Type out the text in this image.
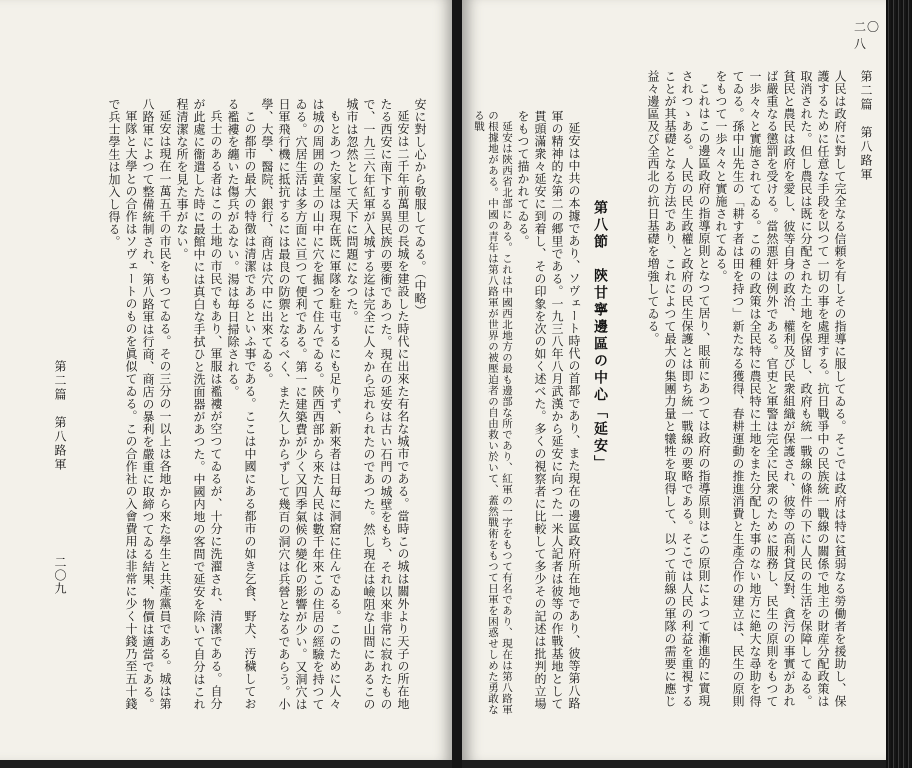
二〇九
第二篇　第八路軍
安に對し心から敬服してゐる。（中略）
延安は二千年前萬里の長城を建設した時代に出來た有名な城市である。當時この城は關外より天子の所在地たる西安に南下する異民族の要衝であつた。現在の延安は古い石門の城壁をもち、それ以來非常に寂れたもので、一九三六年紅軍が入城する迄は完全に人々から忘れられたのであつた。然し現在は嶮阻な山間にあるこの城市は忽然として天下に問題になつた。
もとあつた家屋は現在既に軍隊を駐屯するにも足りず、新來者は日毎に洞窟に住んでゐる。このために人々は城の周囲の黄土の山中に穴を掘つて住んでゐる。陝西西部から來た人民は數千年來この住居の經驗を持つてゐる。穴居生活は多方面に亘つて便利である。第一に建築費が少く又四季氣候の變化の影響が少い。又洞穴は日軍飛行機に抵抗するには最良の防禦となるべく、また久しからずして幾百の洞穴は兵營となるであらう。小學、大學、醫院、銀行、商店は穴中に出來てゐる。
この都市の最大の特徴は清潔であるといふ事である。ここは中國にある都市の如き乞食、野犬、汚穢しておる襤褸を纏いた傷兵がゐない。湯は毎日掃除される。
兵士のある者はこの土地の市民でもあり、軍服は襤褸が空つてゐるが、十分に洗濯され、清潔である。自分が此處に衞遣した時に最館中には真白な手拭ひと洗面器があつた。中國内地の客間で延安を除いて自分はこれ程清潔な所を見た事がない。
延安は現在一萬五千の市民をもつてゐる。その三分の一以上は各地から來た學生と共產黨員である。城は第八路軍によつて整備統制され、第八路軍は行商、商店の暴利を嚴重に取締つてゐる結果、物價は適當である。
軍隊と大學との合作はソヴェートのものを眞似てゐる。この合作社の入會費用は非常に少く十錢乃至五十錢で兵士學生は加入し得る。
二〇八
第二篇　第八路軍
人民は政府に對して完全なる信頼を有しその指導に服してゐる。そこでは政府は特に貧弱なる勞働者を援助し、保護するために任意な手段を以つて一切の事を處理する。抗日戰爭中の民族統一戰線の關係で地主の財産分配政策は取消された。但し農民は既に分配された土地を保留し、政府も統一戰線の條件の下に人民の生活を保障してゐる。貧民と農民は政府を愛し、彼等自身の政治、權利及び民衆組織が保護され、彼等の高利貸反對、貪污の事實があれば嚴重なる懲罰を受ける。當然悪奸は例外である。官吏と軍警は完全に民衆のために服務し、民生の原則をもつて一歩々々と實施されてゐる。この種の政策は全民特に農民特に土地をまた分配した事のない地方に絶大な尋助を得てゐる。孫中山先生の「耕す者は田を持つ」新たなる獲得、春耕運動の推進消費と生產合作の建立は、民生の原則をもつて一歩々々と實施されてゐる。
これはこの邊區政府の指導原則となつて居り、眼前にあつては政府の指導原則はこの原則によつて漸進的に實現されつゝある。人民の民生政權と政府の民生保護とは即ち統一戰線の要略である。そこでは人民の利益を重視することが其基礎となる方法であり、これによつて最大の集團力量と犧牲を取得して、以つて前線の軍隊の需要に應じ益々邊區及び全西北の抗日基礎を増強してゐる。
第八節　陝甘寧邊區の中心「延安」
延安は中共の本據であり、ソヴェート時代の首都であり、また現在の邊區政府所在地であり、彼等第八路軍の精神的な第二の郷里である。一九三八年八月武漢から延安に向つた一米人記者は彼等の作戰基地として貫頭滿衆々延安に到着し、その印象を次の如く述べた。多くの視察者に比較して多少その記述は批判的立場をもつて描かれてゐる。
延安は陝西省北部にある。これは中國西北地方の最も邊部な所であり、紅軍の一字をもつて有名であり、現在は第八路軍の根據地がある。中國の青年は第八路軍が世界の被壓迫者の自由救い於いて、蓋然戰術をもつて日軍を困惑せしめた勇敢なる戰
